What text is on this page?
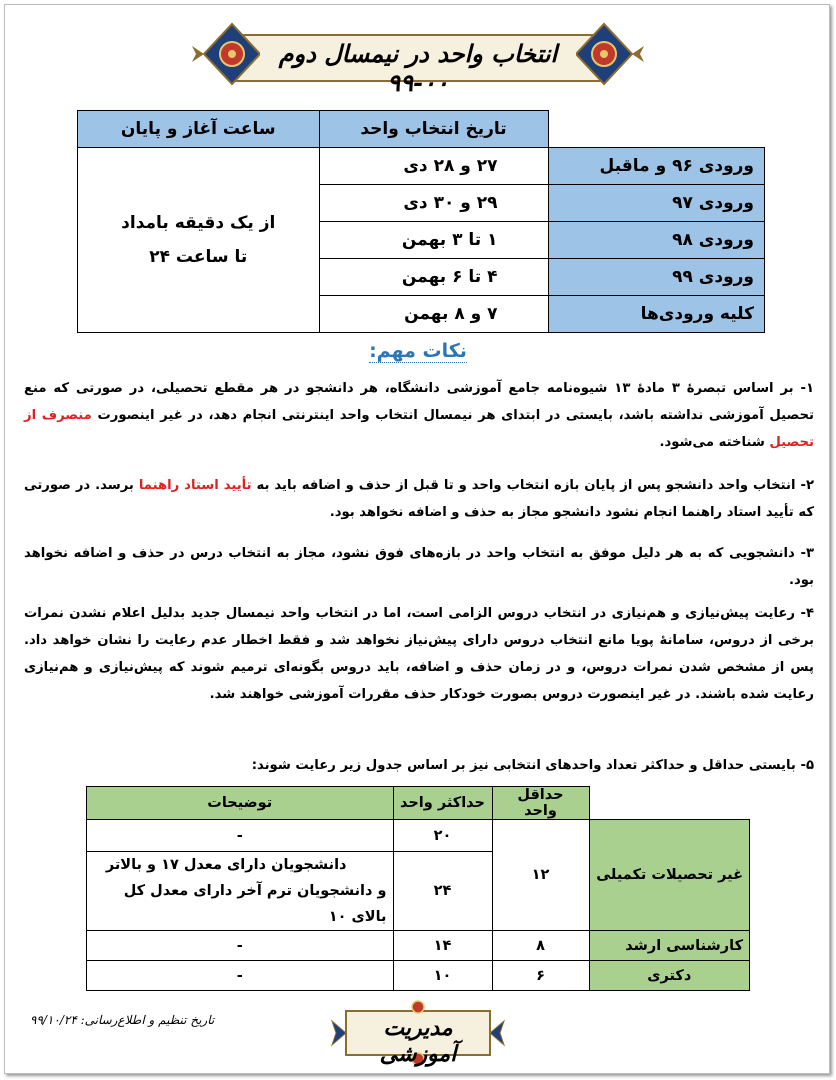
انتخاب واحد در نیمسال دوم ۰۰-۹۹
	تاریخ انتخاب واحد	ساعت آغاز و پایان
ورودی ۹۶ و ماقبل	۲۷ و ۲۸ دی	از یک دقیقه بامداد
تا ساعت ۲۴

ورودی ۹۷	۲۹ و ۳۰ دی	
ورودی ۹۸	۱ تا ۳ بهمن	
ورودی ۹۹	۴ تا ۶ بهمن	
کلیه ورودی‌ها	۷ و ۸ بهمن	
نکات مهم:
۱- بر اساس تبصرهٔ ۳ مادهٔ ۱۳ شیوه‌نامه جامع آموزشی دانشگاه، هر دانشجو در هر مقطع تحصیلی، در صورتی که منع تحصیل آموزشی نداشته باشد، بایستی در ابتدای هر نیمسال انتخاب واحد اینترنتی انجام دهد، در غیر اینصورت منصرف از تحصیل شناخته می‌شود.
۲- انتخاب واحد دانشجو پس از پایان بازه انتخاب واحد و تا قبل از حذف و اضافه باید به تأیید استاد راهنما برسد. در صورتی که تأیید استاد راهنما انجام نشود دانشجو مجاز به حذف و اضافه نخواهد بود.
۳- دانشجویی که به هر دلیل موفق به انتخاب واحد در بازه‌های فوق نشود، مجاز به انتخاب درس در حذف و اضافه نخواهد بود.
۴- رعایت پیش‌نیازی و هم‌نیازی در انتخاب دروس الزامی است، اما در انتخاب واحد نیمسال جدید بدلیل اعلام نشدن نمرات برخی از دروس، سامانهٔ پویا مانع انتخاب دروس دارای پیش‌نیاز نخواهد شد و فقط اخطار عدم رعایت را نشان خواهد داد. پس از مشخص شدن نمرات دروس، و در زمان حذف و اضافه، باید دروس بگونه‌ای ترمیم شوند که پیش‌نیازی و هم‌نیازی رعایت شده باشند. در غیر اینصورت دروس بصورت خودکار حذف مقررات آموزشی خواهند شد.
۵- بایستی حداقل و حداکثر تعداد واحدهای انتخابی نیز بر اساس جدول زیر رعایت شوند:
	حداقل واحد	حداکثر واحد	توضیحات
غیر تحصیلات تکمیلی	۱۲	۲۰	-
		۲۴	دانشجویان دارای معدل ۱۷ و بالاتر
و دانشجویان ترم آخر دارای معدل کل بالای ۱۰

کارشناسی ارشد	۸	۱۴	-
دکتری	۶	۱۰	-
تاریخ تنظیم و اطلاع‌رسانی: ۹۹/۱۰/۲۴	مدیریت آموزشی
